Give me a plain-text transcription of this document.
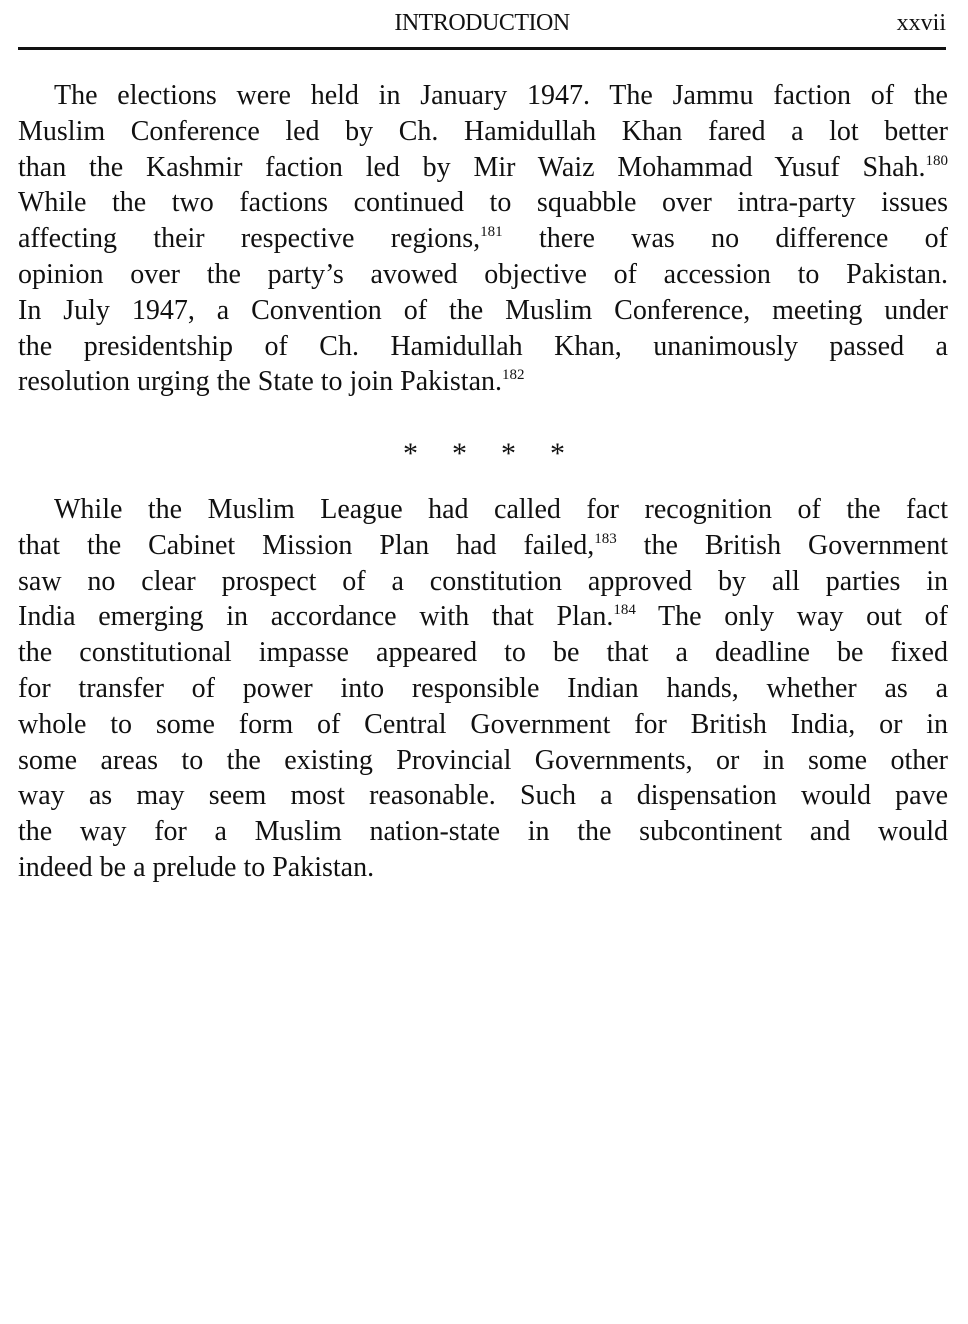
INTRODUCTION	xxvii
The elections were held in January 1947. The Jammu faction of the
Muslim Conference led by Ch. Hamidullah Khan fared a lot better
than the Kashmir faction led by Mir Waiz Mohammad Yusuf Shah.$^{180}$
While the two factions continued to squabble over intra-party issues
affecting their respective regions,$^{181}$ there was no difference of
opinion over the party’s avowed objective of accession to Pakistan.
In July 1947, a Convention of the Muslim Conference, meeting under
the presidentship of Ch. Hamidullah Khan, unanimously passed a
resolution urging the State to join Pakistan.$^{182}$
* * * *
While the Muslim League had called for recognition of the fact
that the Cabinet Mission Plan had failed,$^{183}$ the British Government
saw no clear prospect of a constitution approved by all parties in
India emerging in accordance with that Plan.$^{184}$ The only way out of
the constitutional impasse appeared to be that a deadline be fixed
for transfer of power into responsible Indian hands, whether as a
whole to some form of Central Government for British India, or in
some areas to the existing Provincial Governments, or in some other
way as may seem most reasonable. Such a dispensation would pave
the way for a Muslim nation-state in the subcontinent and would
indeed be a prelude to Pakistan.
